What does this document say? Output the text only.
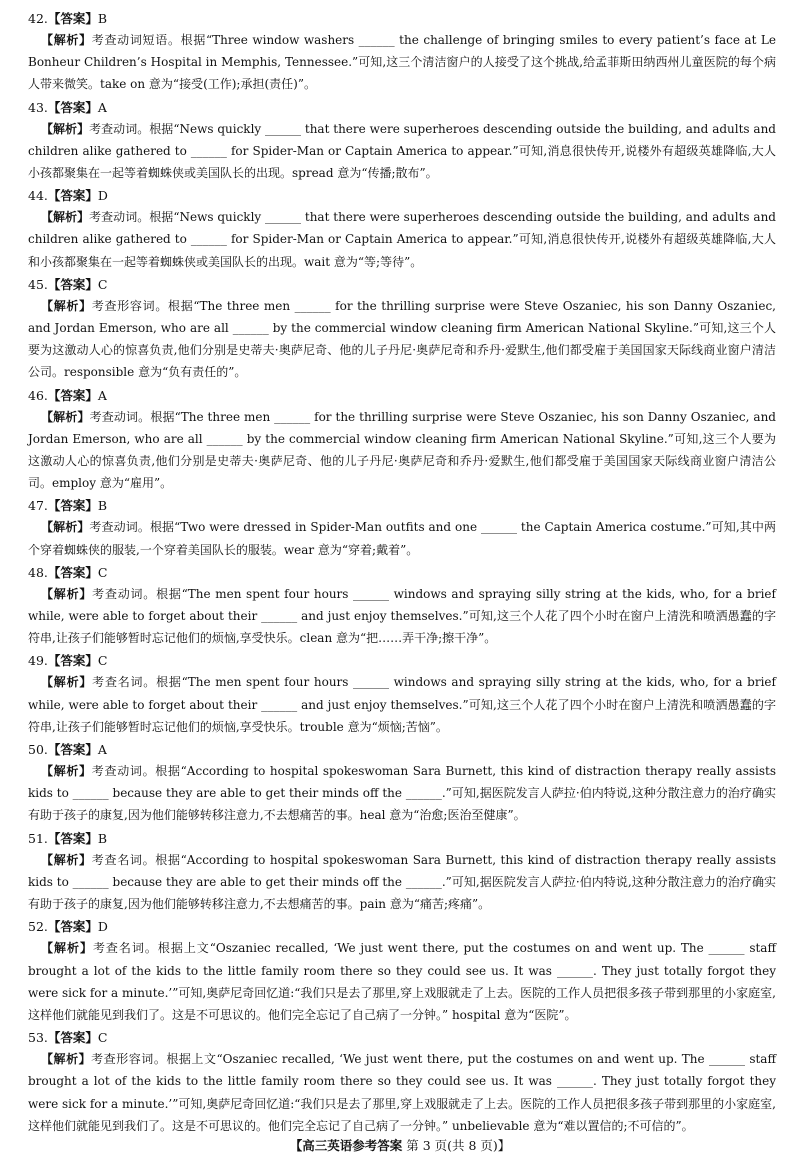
42.【答案】B
【解析】考查动词短语。根据“Three window washers ______ the challenge of bringing smiles to every patient’s face at Le Bonheur Children’s Hospital in Memphis, Tennessee.”可知,这三个清洁窗户的人接受了这个挑战,给孟菲斯田纳西州儿童医院的每个病人带来微笑。take on 意为“接受(工作);承担(责任)”。
43.【答案】A
【解析】考查动词。根据“News quickly ______ that there were superheroes descending outside the building, and adults and children alike gathered to ______ for Spider-Man or Captain America to appear.”可知,消息很快传开,说楼外有超级英雄降临,大人小孩都聚集在一起等着蜘蛛侠或美国队长的出现。spread 意为“传播;散布”。
44.【答案】D
【解析】考查动词。根据“News quickly ______ that there were superheroes descending outside the building, and adults and children alike gathered to ______ for Spider-Man or Captain America to appear.”可知,消息很快传开,说楼外有超级英雄降临,大人和小孩都聚集在一起等着蜘蛛侠或美国队长的出现。wait 意为“等;等待”。
45.【答案】C
【解析】考查形容词。根据“The three men ______ for the thrilling surprise were Steve Oszaniec, his son Danny Oszaniec, and Jordan Emerson, who are all ______ by the commercial window cleaning firm American National Skyline.”可知,这三个人要为这激动人心的惊喜负责,他们分别是史蒂夫·奥萨尼奇、他的儿子丹尼·奥萨尼奇和乔丹·爱默生,他们都受雇于美国国家天际线商业窗户清洁公司。responsible 意为“负有责任的”。
46.【答案】A
【解析】考查动词。根据“The three men ______ for the thrilling surprise were Steve Oszaniec, his son Danny Oszaniec, and Jordan Emerson, who are all ______ by the commercial window cleaning firm American National Skyline.”可知,这三个人要为这激动人心的惊喜负责,他们分别是史蒂夫·奥萨尼奇、他的儿子丹尼·奥萨尼奇和乔丹·爱默生,他们都受雇于美国国家天际线商业窗户清洁公司。employ 意为“雇用”。
47.【答案】B
【解析】考查动词。根据“Two were dressed in Spider-Man outfits and one ______ the Captain America costume.”可知,其中两个穿着蜘蛛侠的服装,一个穿着美国队长的服装。wear 意为“穿着;戴着”。
48.【答案】C
【解析】考查动词。根据“The men spent four hours ______ windows and spraying silly string at the kids, who, for a brief while, were able to forget about their ______ and just enjoy themselves.”可知,这三个人花了四个小时在窗户上清洗和喷洒愚蠢的字符串,让孩子们能够暂时忘记他们的烦恼,享受快乐。clean 意为“把……弄干净;擦干净”。
49.【答案】C
【解析】考查名词。根据“The men spent four hours ______ windows and spraying silly string at the kids, who, for a brief while, were able to forget about their ______ and just enjoy themselves.”可知,这三个人花了四个小时在窗户上清洗和喷洒愚蠢的字符串,让孩子们能够暂时忘记他们的烦恼,享受快乐。trouble 意为“烦恼;苦恼”。
50.【答案】A
【解析】考查动词。根据“According to hospital spokeswoman Sara Burnett, this kind of distraction therapy really assists kids to ______ because they are able to get their minds off the ______.”可知,据医院发言人萨拉·伯内特说,这种分散注意力的治疗确实有助于孩子的康复,因为他们能够转移注意力,不去想痛苦的事。heal 意为“治愈;医治至健康”。
51.【答案】B
【解析】考查名词。根据“According to hospital spokeswoman Sara Burnett, this kind of distraction therapy really assists kids to ______ because they are able to get their minds off the ______.”可知,据医院发言人萨拉·伯内特说,这种分散注意力的治疗确实有助于孩子的康复,因为他们能够转移注意力,不去想痛苦的事。pain 意为“痛苦;疼痛”。
52.【答案】D
【解析】考查名词。根据上文“Oszaniec recalled, ‘We just went there, put the costumes on and went up. The ______ staff brought a lot of the kids to the little family room there so they could see us. It was ______. They just totally forgot they were sick for a minute.’”可知,奥萨尼奇回忆道:“我们只是去了那里,穿上戏服就走了上去。医院的工作人员把很多孩子带到那里的小家庭室,这样他们就能见到我们了。这是不可思议的。他们完全忘记了自己病了一分钟。” hospital 意为“医院”。
53.【答案】C
【解析】考查形容词。根据上文“Oszaniec recalled, ‘We just went there, put the costumes on and went up. The ______ staff brought a lot of the kids to the little family room there so they could see us. It was ______. They just totally forgot they were sick for a minute.’”可知,奥萨尼奇回忆道:“我们只是去了那里,穿上戏服就走了上去。医院的工作人员把很多孩子带到那里的小家庭室,这样他们就能见到我们了。这是不可思议的。他们完全忘记了自己病了一分钟。” unbelievable 意为“难以置信的;不可信的”。
【高三英语参考答案 第 3 页(共 8 页)】
